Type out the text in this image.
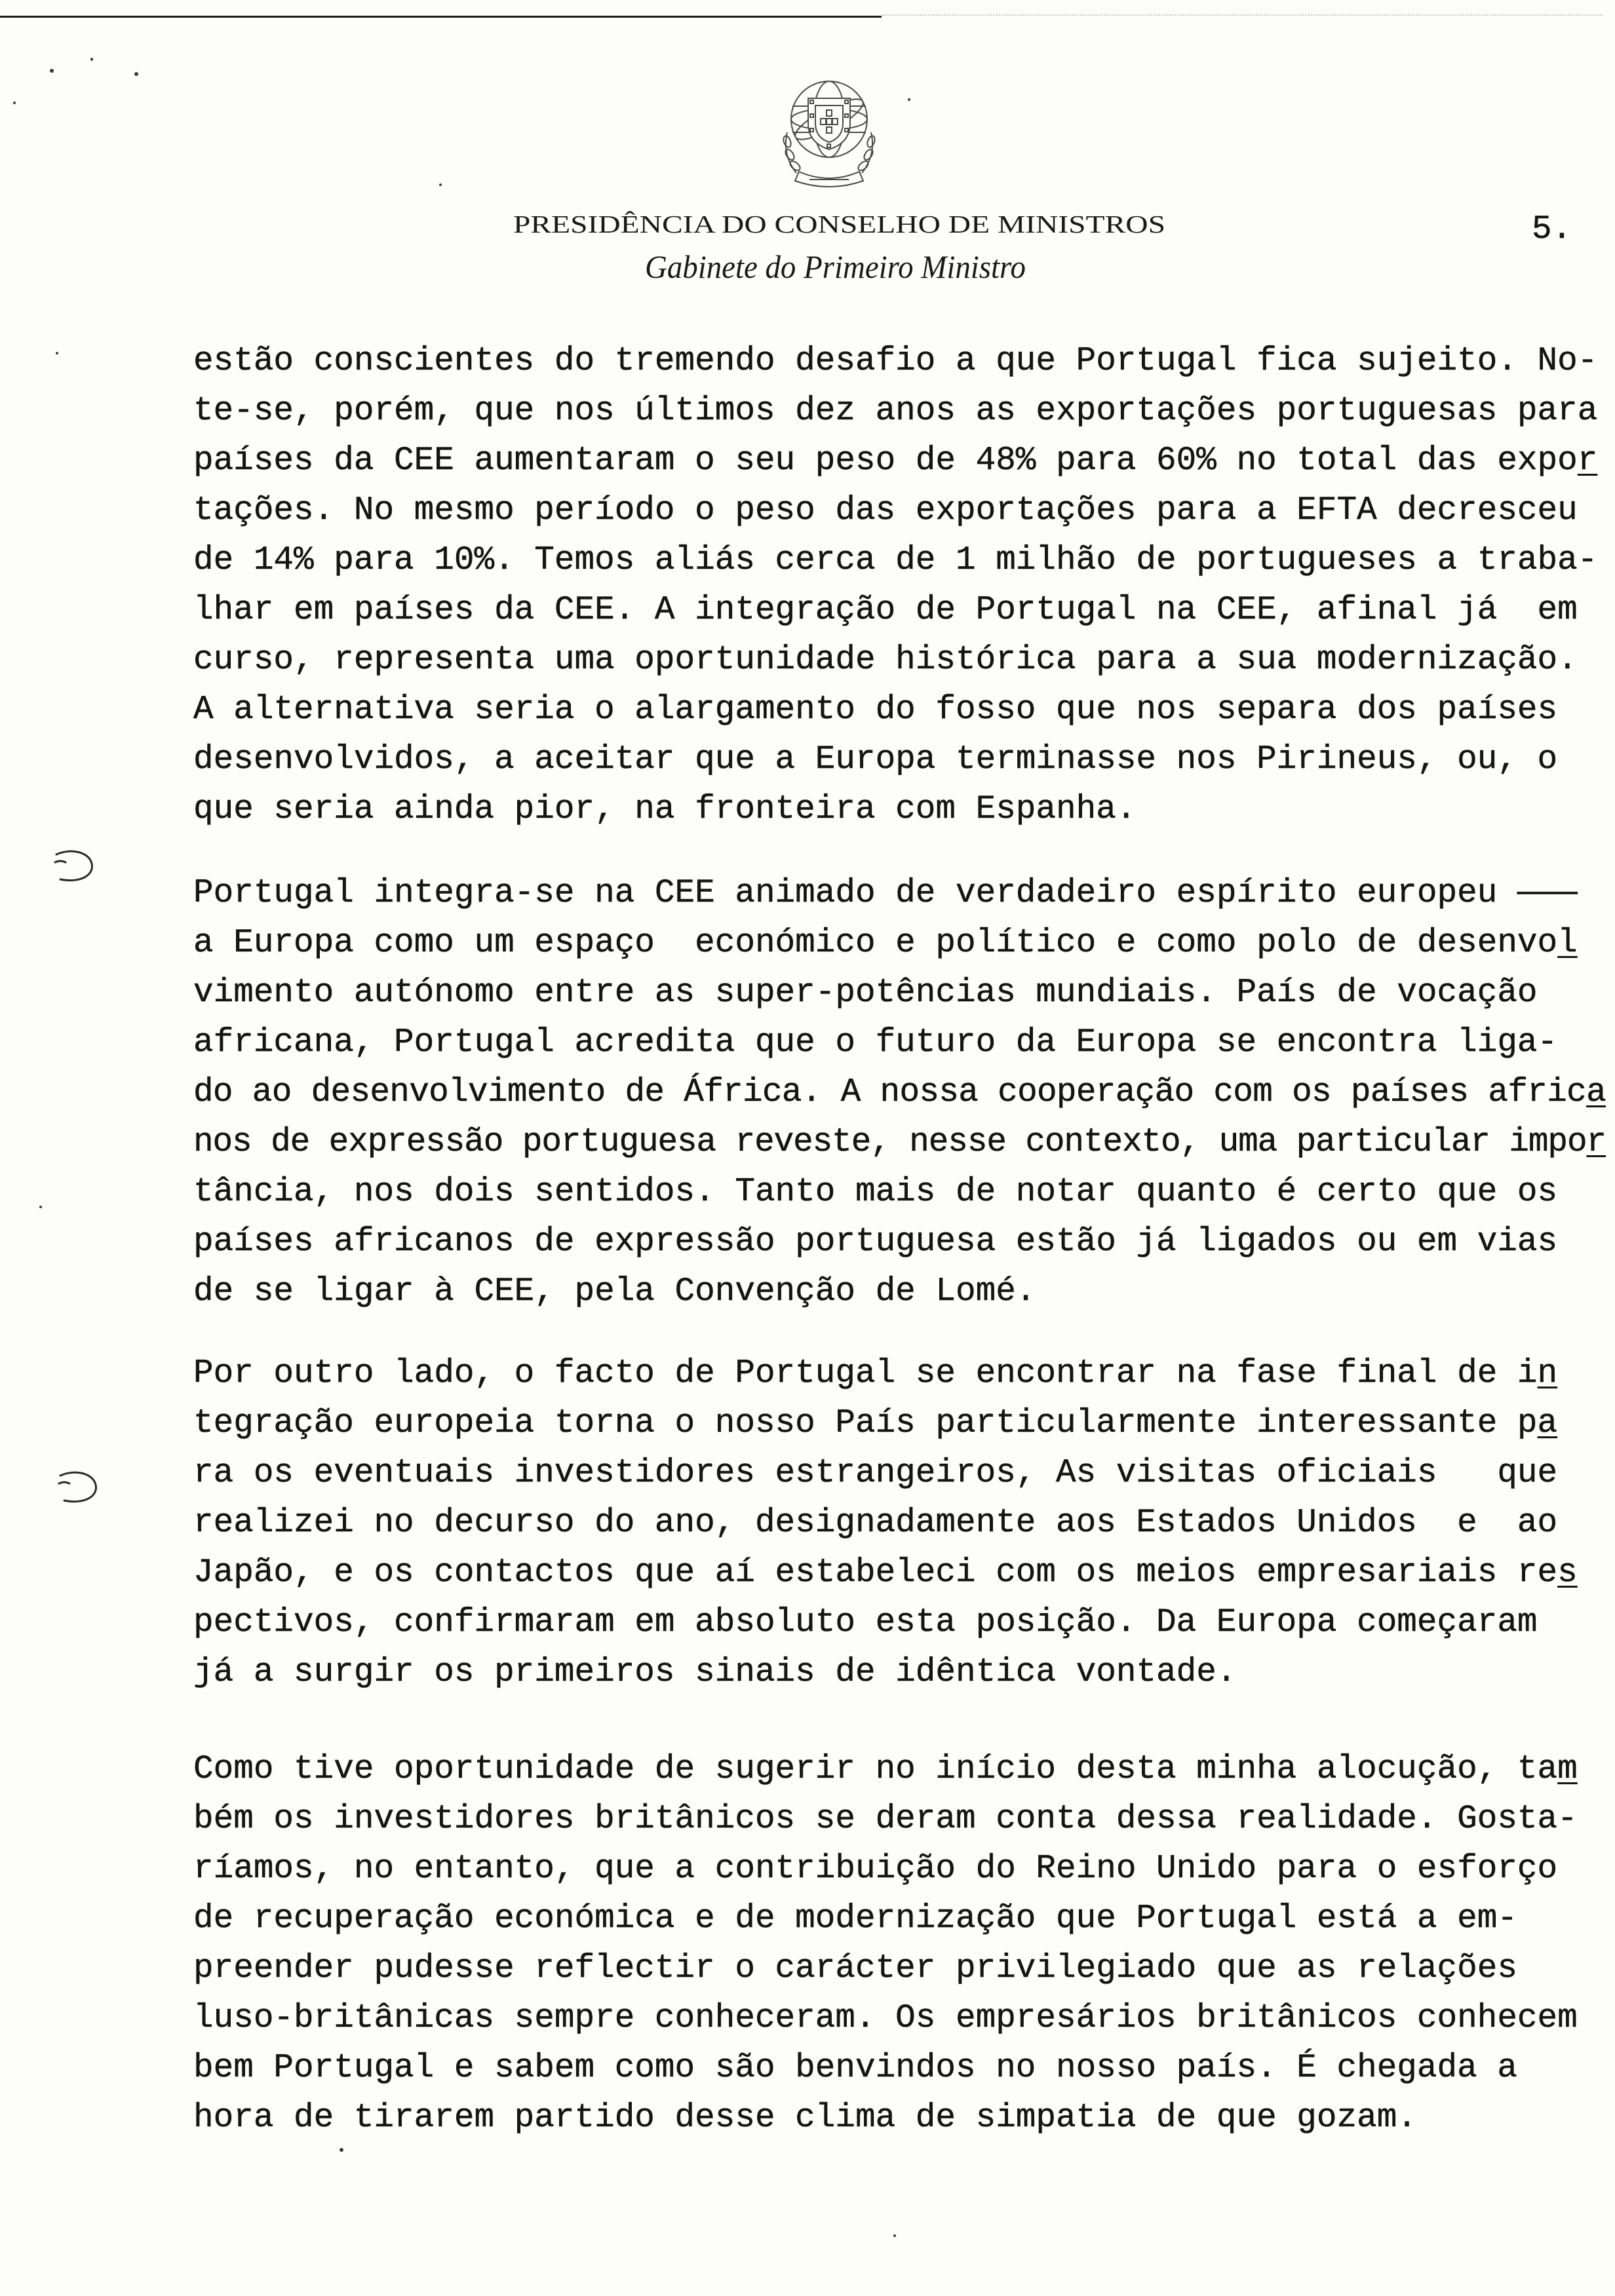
PRESIDÊNCIA DO CONSELHO DE MINISTROS
Gabinete do Primeiro Ministro
5.
estão conscientes do tremendo desafio a que Portugal fica sujeito. No-
te-se, porém, que nos últimos dez anos as exportações portuguesas para
países da CEE aumentaram o seu peso de 48% para 60% no total das expor
tações. No mesmo período o peso das exportações para a EFTA decresceu
de 14% para 10%. Temos aliás cerca de 1 milhão de portugueses a traba-
lhar em países da CEE. A integração de Portugal na CEE, afinal já  em
curso, representa uma oportunidade histórica para a sua modernização.
A alternativa seria o alargamento do fosso que nos separa dos países
desenvolvidos, a aceitar que a Europa terminasse nos Pirineus, ou, o
que seria ainda pior, na fronteira com Espanha.
Portugal integra-se na CEE animado de verdadeiro espírito europeu ———
a Europa como um espaço  económico e político e como polo de desenvol
vimento autónomo entre as super-potências mundiais. País de vocação
africana, Portugal acredita que o futuro da Europa se encontra liga-
do ao desenvolvimento de África. A nossa cooperação com os países africa
nos de expressão portuguesa reveste, nesse contexto, uma particular impor
tância, nos dois sentidos. Tanto mais de notar quanto é certo que os
países africanos de expressão portuguesa estão já ligados ou em vias
de se ligar à CEE, pela Convenção de Lomé.
Por outro lado, o facto de Portugal se encontrar na fase final de in
tegração europeia torna o nosso País particularmente interessante pa
ra os eventuais investidores estrangeiros, As visitas oficiais   que
realizei no decurso do ano, designadamente aos Estados Unidos  e  ao
Japão, e os contactos que aí estabeleci com os meios empresariais res
pectivos, confirmaram em absoluto esta posição. Da Europa começaram
já a surgir os primeiros sinais de idêntica vontade.
Como tive oportunidade de sugerir no início desta minha alocução, tam
bém os investidores britânicos se deram conta dessa realidade. Gosta-
ríamos, no entanto, que a contribuição do Reino Unido para o esforço
de recuperação económica e de modernização que Portugal está a em-
preender pudesse reflectir o carácter privilegiado que as relações
luso-britânicas sempre conheceram. Os empresários britânicos conhecem
bem Portugal e sabem como são benvindos no nosso país. É chegada a
hora de tirarem partido desse clima de simpatia de que gozam.
